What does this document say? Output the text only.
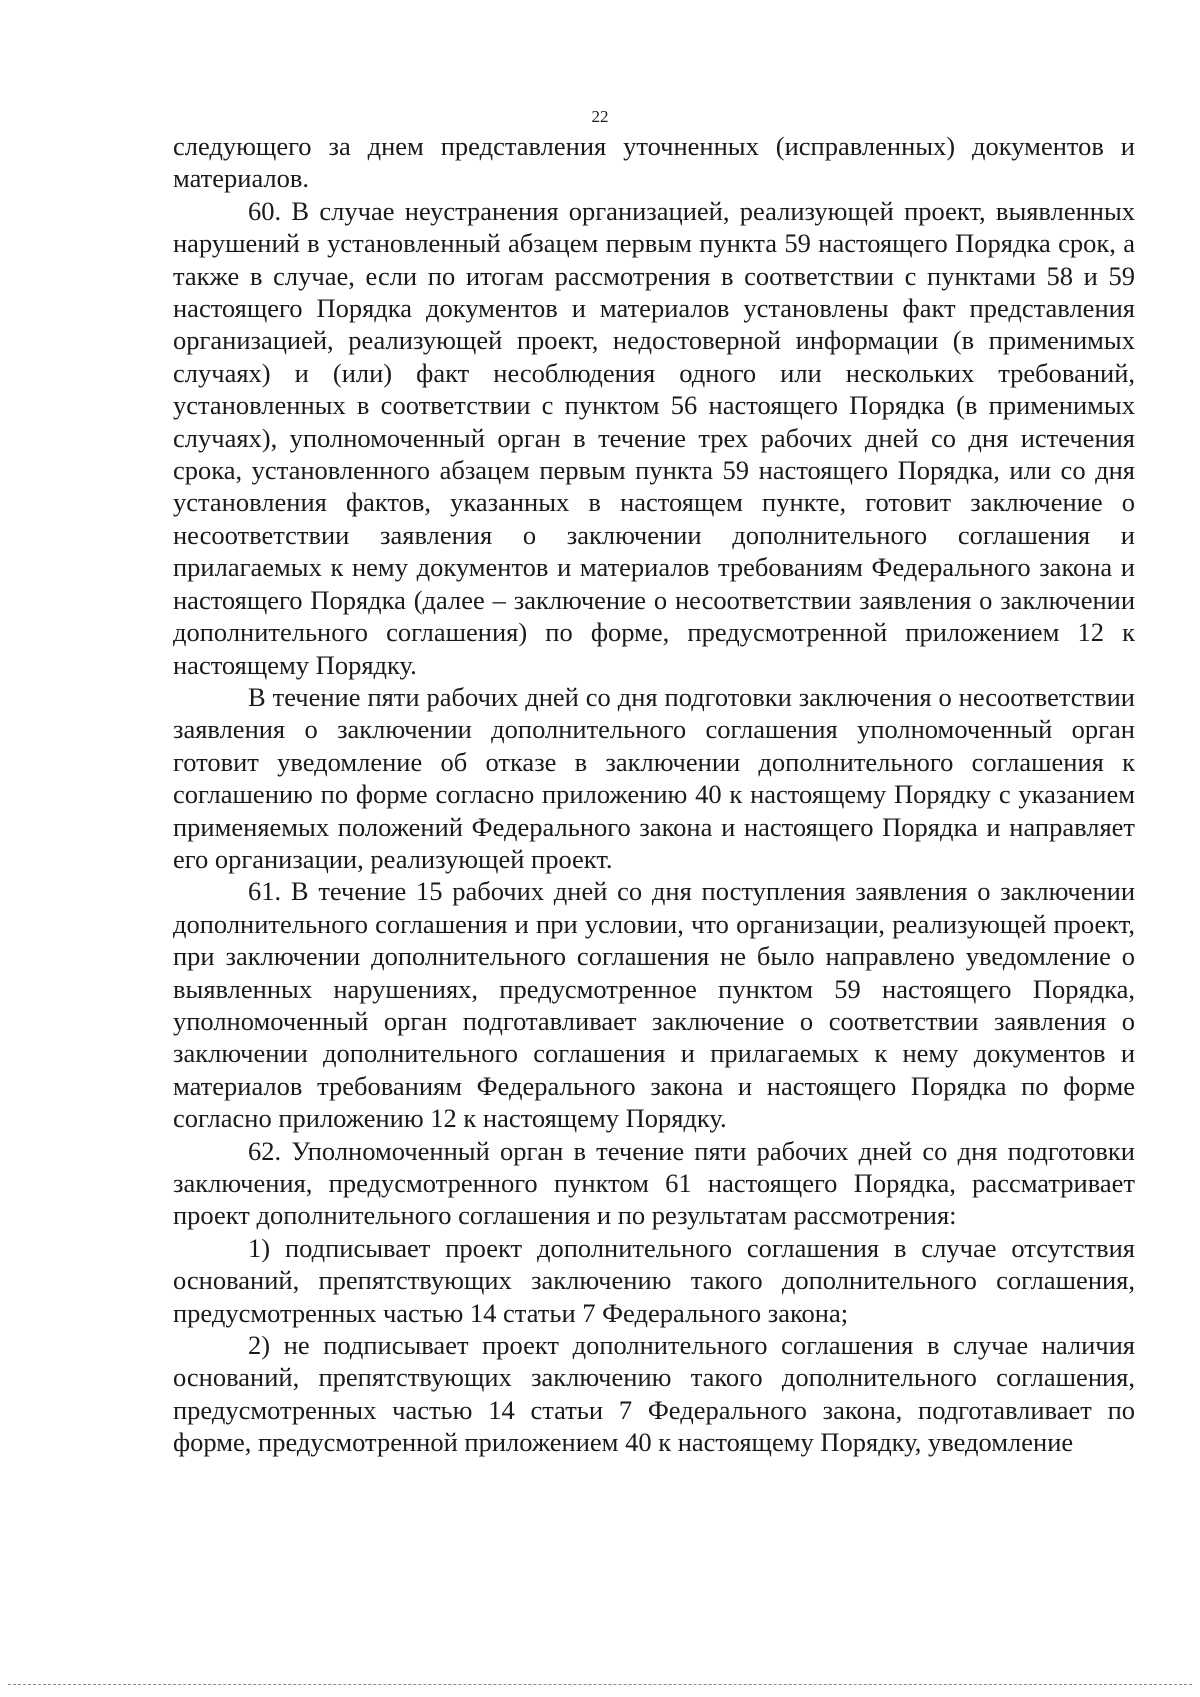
22

следующего за днем представления уточненных (исправленных) документов и материалов.

60. В случае неустранения организацией, реализующей проект, выявленных нарушений в установленный абзацем первым пункта 59 настоящего Порядка срок, а также в случае, если по итогам рассмотрения в соответствии с пунктами 58 и 59 настоящего Порядка документов и материалов установлены факт представления организацией, реализующей проект, недостоверной информации (в применимых случаях) и (или) факт несоблюдения одного или нескольких требований, установленных в соответствии с пунктом 56 настоящего Порядка (в применимых случаях), уполномоченный орган в течение трех рабочих дней со дня истечения срока, установленного абзацем первым пункта 59 настоящего Порядка, или со дня установления фактов, указанных в настоящем пункте, готовит заключение о несоответствии заявления о заключении дополнительного соглашения и прилагаемых к нему документов и материалов требованиям Федерального закона и настоящего Порядка (далее – заключение о несоответствии заявления о заключении дополнительного соглашения) по форме, предусмотренной приложением 12 к настоящему Порядку.

В течение пяти рабочих дней со дня подготовки заключения о несоответствии заявления о заключении дополнительного соглашения уполномоченный орган готовит уведомление об отказе в заключении дополнительного соглашения к соглашению по форме согласно приложению 40 к настоящему Порядку с указанием применяемых положений Федерального закона и настоящего Порядка и направляет его организации, реализующей проект.

61. В течение 15 рабочих дней со дня поступления заявления о заключении дополнительного соглашения и при условии, что организации, реализующей проект, при заключении дополнительного соглашения не было направлено уведомление о выявленных нарушениях, предусмотренное пунктом 59 настоящего Порядка, уполномоченный орган подготавливает заключение о соответствии заявления о заключении дополнительного соглашения и прилагаемых к нему документов и материалов требованиям Федерального закона и настоящего Порядка по форме согласно приложению 12 к настоящему Порядку.

62. Уполномоченный орган в течение пяти рабочих дней со дня подготовки заключения, предусмотренного пунктом 61 настоящего Порядка, рассматривает проект дополнительного соглашения и по результатам рассмотрения:

1) подписывает проект дополнительного соглашения в случае отсутствия оснований, препятствующих заключению такого дополнительного соглашения, предусмотренных частью 14 статьи 7 Федерального закона;

2) не подписывает проект дополнительного соглашения в случае наличия оснований, препятствующих заключению такого дополнительного соглашения, предусмотренных частью 14 статьи 7 Федерального закона, подготавливает по форме, предусмотренной приложением 40 к настоящему Порядку, уведомление
